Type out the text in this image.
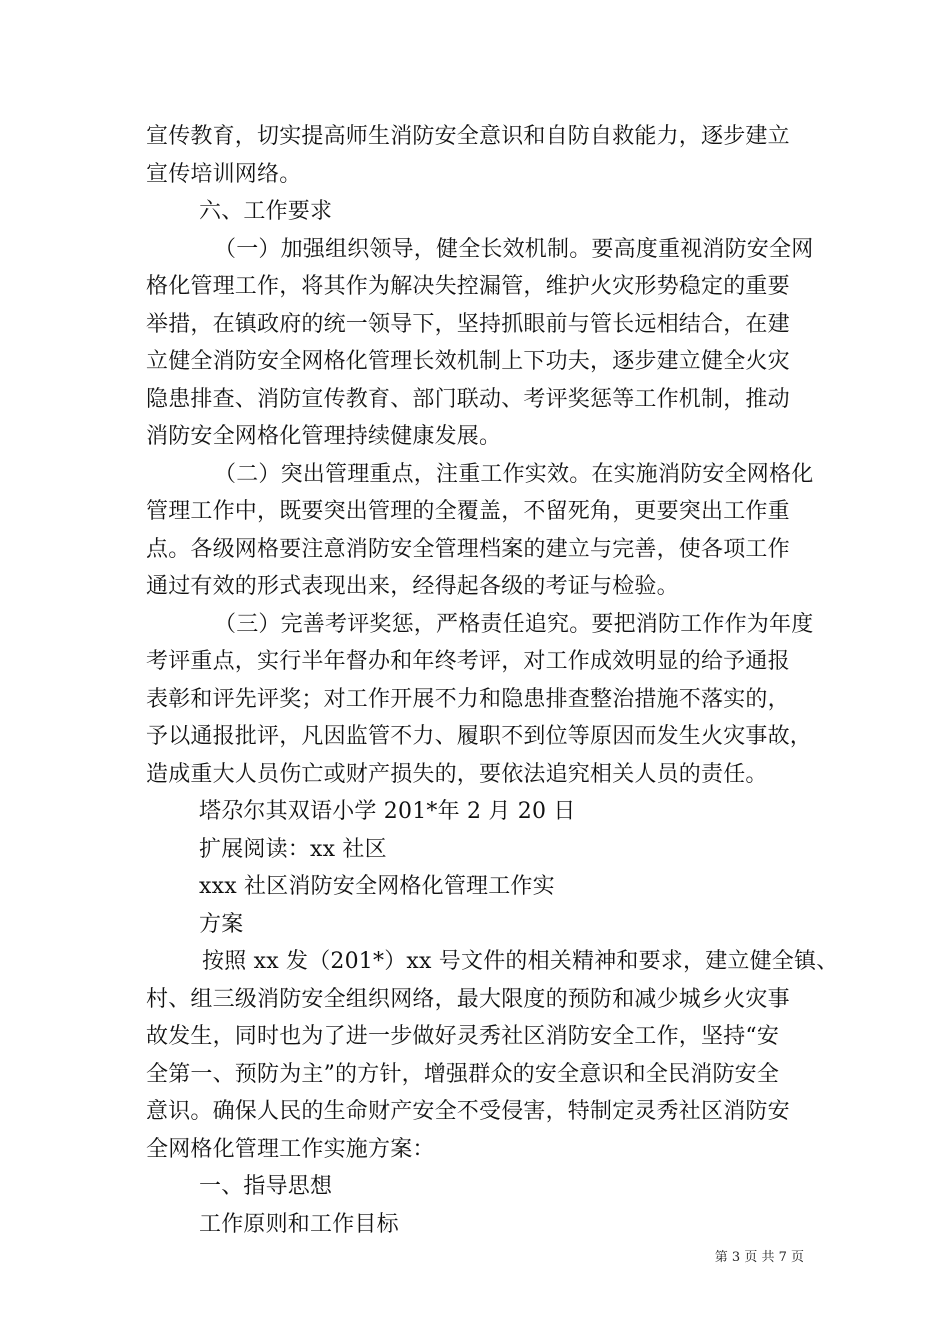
宣传教育，切实提高师生消防安全意识和自防自救能力，逐步建立
宣传培训网络。
六、工作要求
（一）加强组织领导，健全长效机制。要高度重视消防安全网
格化管理工作，将其作为解决失控漏管，维护火灾形势稳定的重要
举措，在镇政府的统一领导下，坚持抓眼前与管长远相结合，在建
立健全消防安全网格化管理长效机制上下功夫，逐步建立健全火灾
隐患排查、消防宣传教育、部门联动、考评奖惩等工作机制，推动
消防安全网格化管理持续健康发展。
（二）突出管理重点，注重工作实效。在实施消防安全网格化
管理工作中，既要突出管理的全覆盖，不留死角，更要突出工作重
点。各级网格要注意消防安全管理档案的建立与完善，使各项工作
通过有效的形式表现出来，经得起各级的考证与检验。
（三）完善考评奖惩，严格责任追究。要把消防工作作为年度
考评重点，实行半年督办和年终考评，对工作成效明显的给予通报
表彰和评先评奖；对工作开展不力和隐患排查整治措施不落实的，
予以通报批评，凡因监管不力、履职不到位等原因而发生火灾事故，
造成重大人员伤亡或财产损失的，要依法追究相关人员的责任。
塔尕尔其双语小学 201*年 2 月 20 日
扩展阅读：xx 社区
xxx 社区消防安全网格化管理工作实
方案
按照 xx 发（201*）xx 号文件的相关精神和要求，建立健全镇、
村、组三级消防安全组织网络，最大限度的预防和减少城乡火灾事
故发生，同时也为了进一步做好灵秀社区消防安全工作，坚持“安
全第一、预防为主”的方针，增强群众的安全意识和全民消防安全
意识。确保人民的生命财产安全不受侵害，特制定灵秀社区消防安
全网格化管理工作实施方案：
一、指导思想
工作原则和工作目标
第 3 页 共 7 页
